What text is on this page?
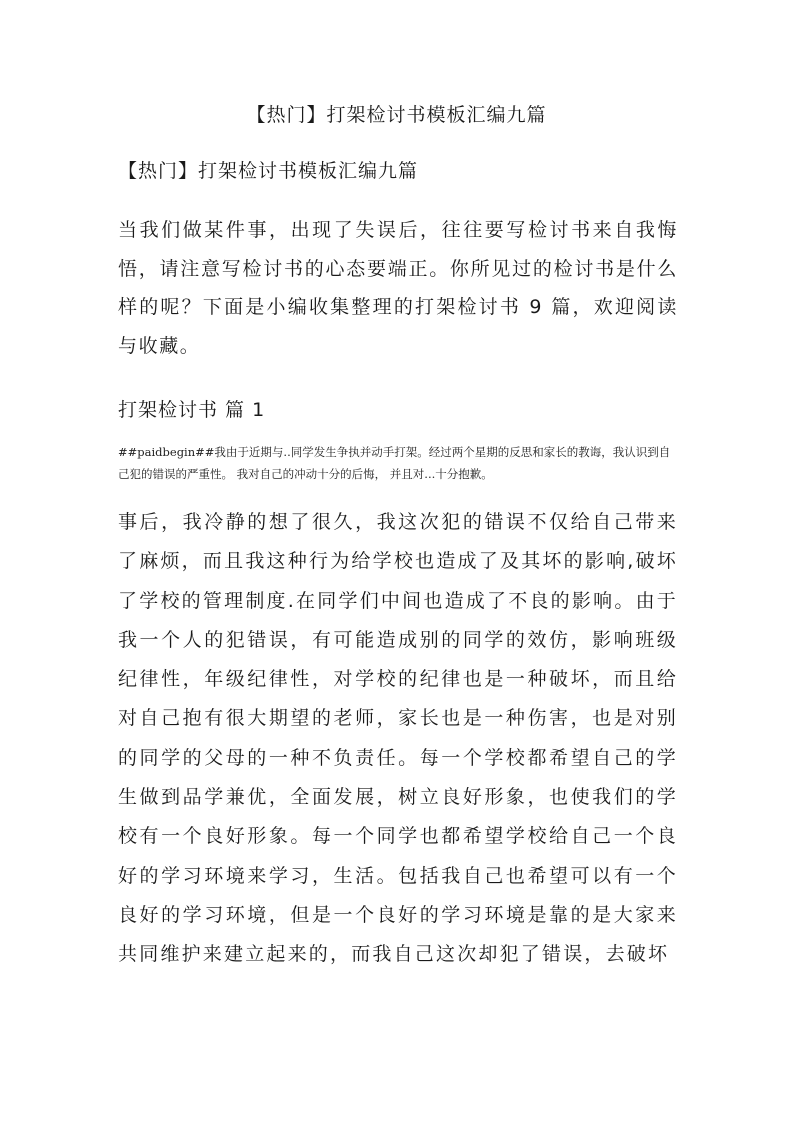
【热门】打架检讨书模板汇编九篇
【热门】打架检讨书模板汇编九篇

当我们做某件事，出现了失误后，往往要写检讨书来自我悔悟，请注意写检讨书的心态要端正。你所见过的检讨书是什么样的呢？下面是小编收集整理的打架检讨书 9 篇，欢迎阅读与收藏。

打架检讨书 篇 1

##paidbegin##我由于近期与..同学发生争执并动手打架。经过两个星期的反思和家长的教诲，我认识到自己犯的错误的严重性。 我对自己的冲动十分的后悔， 并且对...十分抱歉。

事后，我冷静的想了很久，我这次犯的错误不仅给自己带来了麻烦，而且我这种行为给学校也造成了及其坏的影响,破坏了学校的管理制度.在同学们中间也造成了不良的影响。由于我一个人的犯错误，有可能造成别的同学的效仿，影响班级纪律性，年级纪律性，对学校的纪律也是一种破坏，而且给对自己抱有很大期望的老师，家长也是一种伤害，也是对别的同学的父母的一种不负责任。每一个学校都希望自己的学生做到品学兼优，全面发展，树立良好形象，也使我们的学校有一个良好形象。每一个同学也都希望学校给自己一个良好的学习环境来学习，生活。包括我自己也希望可以有一个良好的学习环境，但是一个良好的学习环境是靠的是大家来共同维护来建立起来的，而我自己这次却犯了错误，去破坏
